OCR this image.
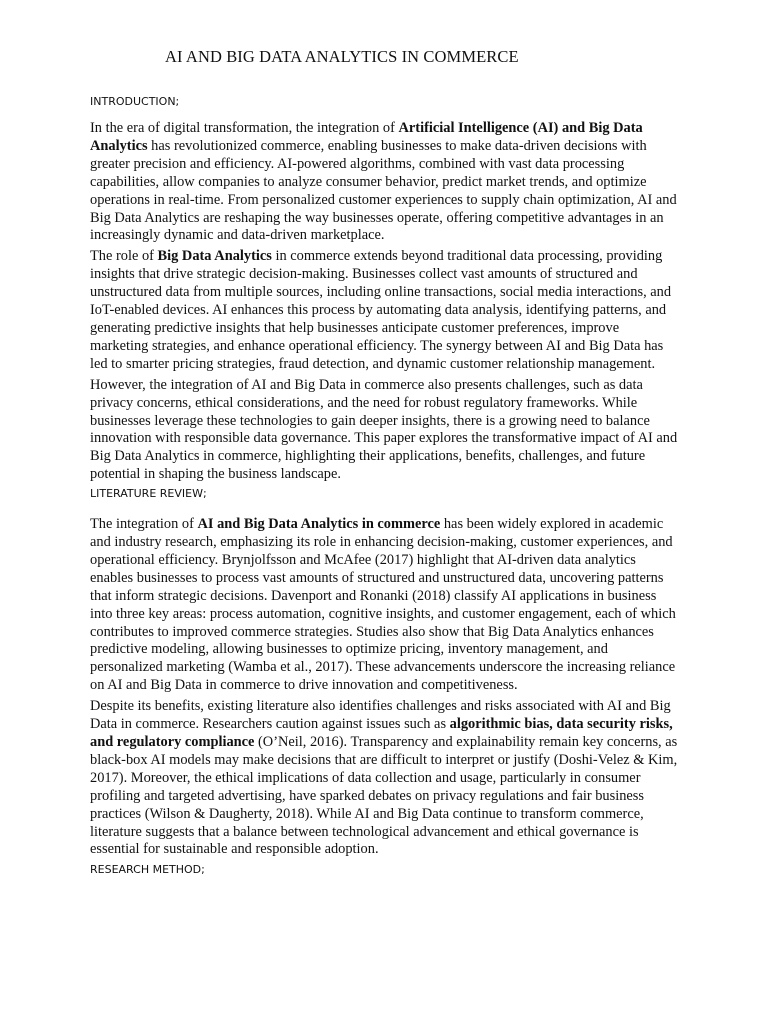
AI AND BIG DATA ANALYTICS IN COMMERCE
INTRODUCTION;

In the era of digital transformation, the integration of Artificial Intelligence (AI) and Big Data Analytics has revolutionized commerce, enabling businesses to make data-driven decisions with greater precision and efficiency. AI-powered algorithms, combined with vast data processing capabilities, allow companies to analyze consumer behavior, predict market trends, and optimize operations in real-time. From personalized customer experiences to supply chain optimization, AI and Big Data Analytics are reshaping the way businesses operate, offering competitive advantages in an increasingly dynamic and data-driven marketplace.

The role of Big Data Analytics in commerce extends beyond traditional data processing, providing insights that drive strategic decision-making. Businesses collect vast amounts of structured and unstructured data from multiple sources, including online transactions, social media interactions, and IoT-enabled devices. AI enhances this process by automating data analysis, identifying patterns, and generating predictive insights that help businesses anticipate customer preferences, improve marketing strategies, and enhance operational efficiency. The synergy between AI and Big Data has led to smarter pricing strategies, fraud detection, and dynamic customer relationship management.

However, the integration of AI and Big Data in commerce also presents challenges, such as data privacy concerns, ethical considerations, and the need for robust regulatory frameworks. While businesses leverage these technologies to gain deeper insights, there is a growing need to balance innovation with responsible data governance. This paper explores the transformative impact of AI and Big Data Analytics in commerce, highlighting their applications, benefits, challenges, and future potential in shaping the business landscape.

LITERATURE REVIEW;

The integration of AI and Big Data Analytics in commerce has been widely explored in academic and industry research, emphasizing its role in enhancing decision-making, customer experiences, and operational efficiency. Brynjolfsson and McAfee (2017) highlight that AI-driven data analytics enables businesses to process vast amounts of structured and unstructured data, uncovering patterns that inform strategic decisions. Davenport and Ronanki (2018) classify AI applications in business into three key areas: process automation, cognitive insights, and customer engagement, each of which contributes to improved commerce strategies. Studies also show that Big Data Analytics enhances predictive modeling, allowing businesses to optimize pricing, inventory management, and personalized marketing (Wamba et al., 2017). These advancements underscore the increasing reliance on AI and Big Data in commerce to drive innovation and competitiveness.

Despite its benefits, existing literature also identifies challenges and risks associated with AI and Big Data in commerce. Researchers caution against issues such as algorithmic bias, data security risks, and regulatory compliance (O’Neil, 2016). Transparency and explainability remain key concerns, as black-box AI models may make decisions that are difficult to interpret or justify (Doshi-Velez & Kim, 2017). Moreover, the ethical implications of data collection and usage, particularly in consumer profiling and targeted advertising, have sparked debates on privacy regulations and fair business practices (Wilson & Daugherty, 2018). While AI and Big Data continue to transform commerce, literature suggests that a balance between technological advancement and ethical governance is essential for sustainable and responsible adoption.

RESEARCH METHOD;
